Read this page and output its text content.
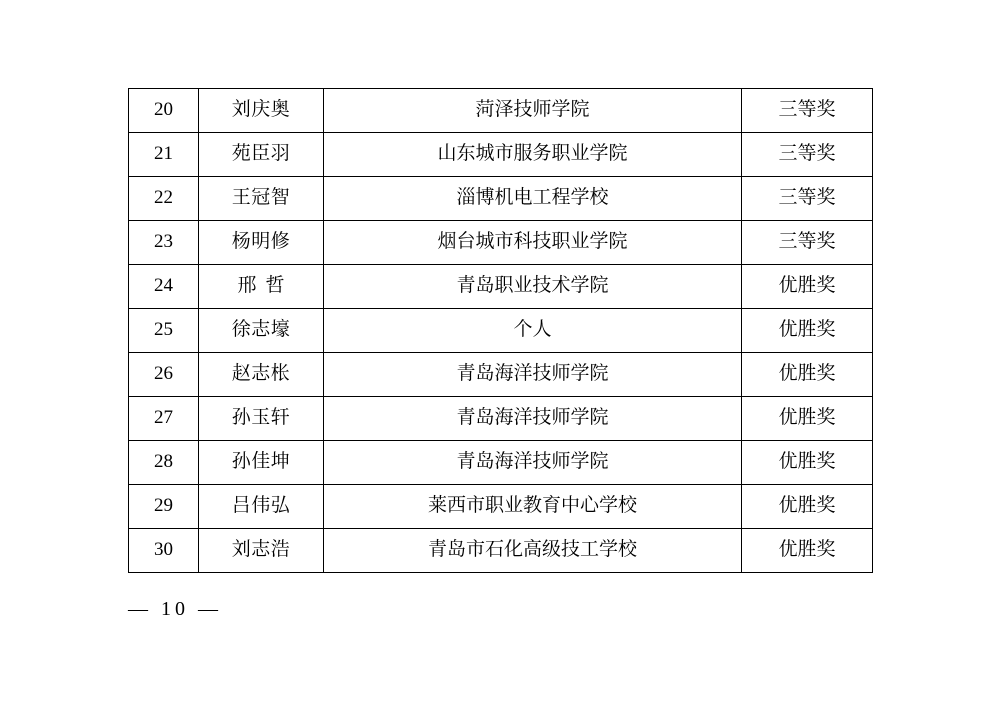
20	刘庆奥	菏泽技师学院	三等奖
21	苑臣羽	山东城市服务职业学院	三等奖
22	王冠智	淄博机电工程学校	三等奖
23	杨明修	烟台城市科技职业学院	三等奖
24	邢哲	青岛职业技术学院	优胜奖
25	徐志壕	个人	优胜奖
26	赵志枨	青岛海洋技师学院	优胜奖
27	孙玉轩	青岛海洋技师学院	优胜奖
28	孙佳坤	青岛海洋技师学院	优胜奖
29	吕伟弘	莱西市职业教育中心学校	优胜奖
30	刘志浩	青岛市石化高级技工学校	优胜奖
— 10 —
